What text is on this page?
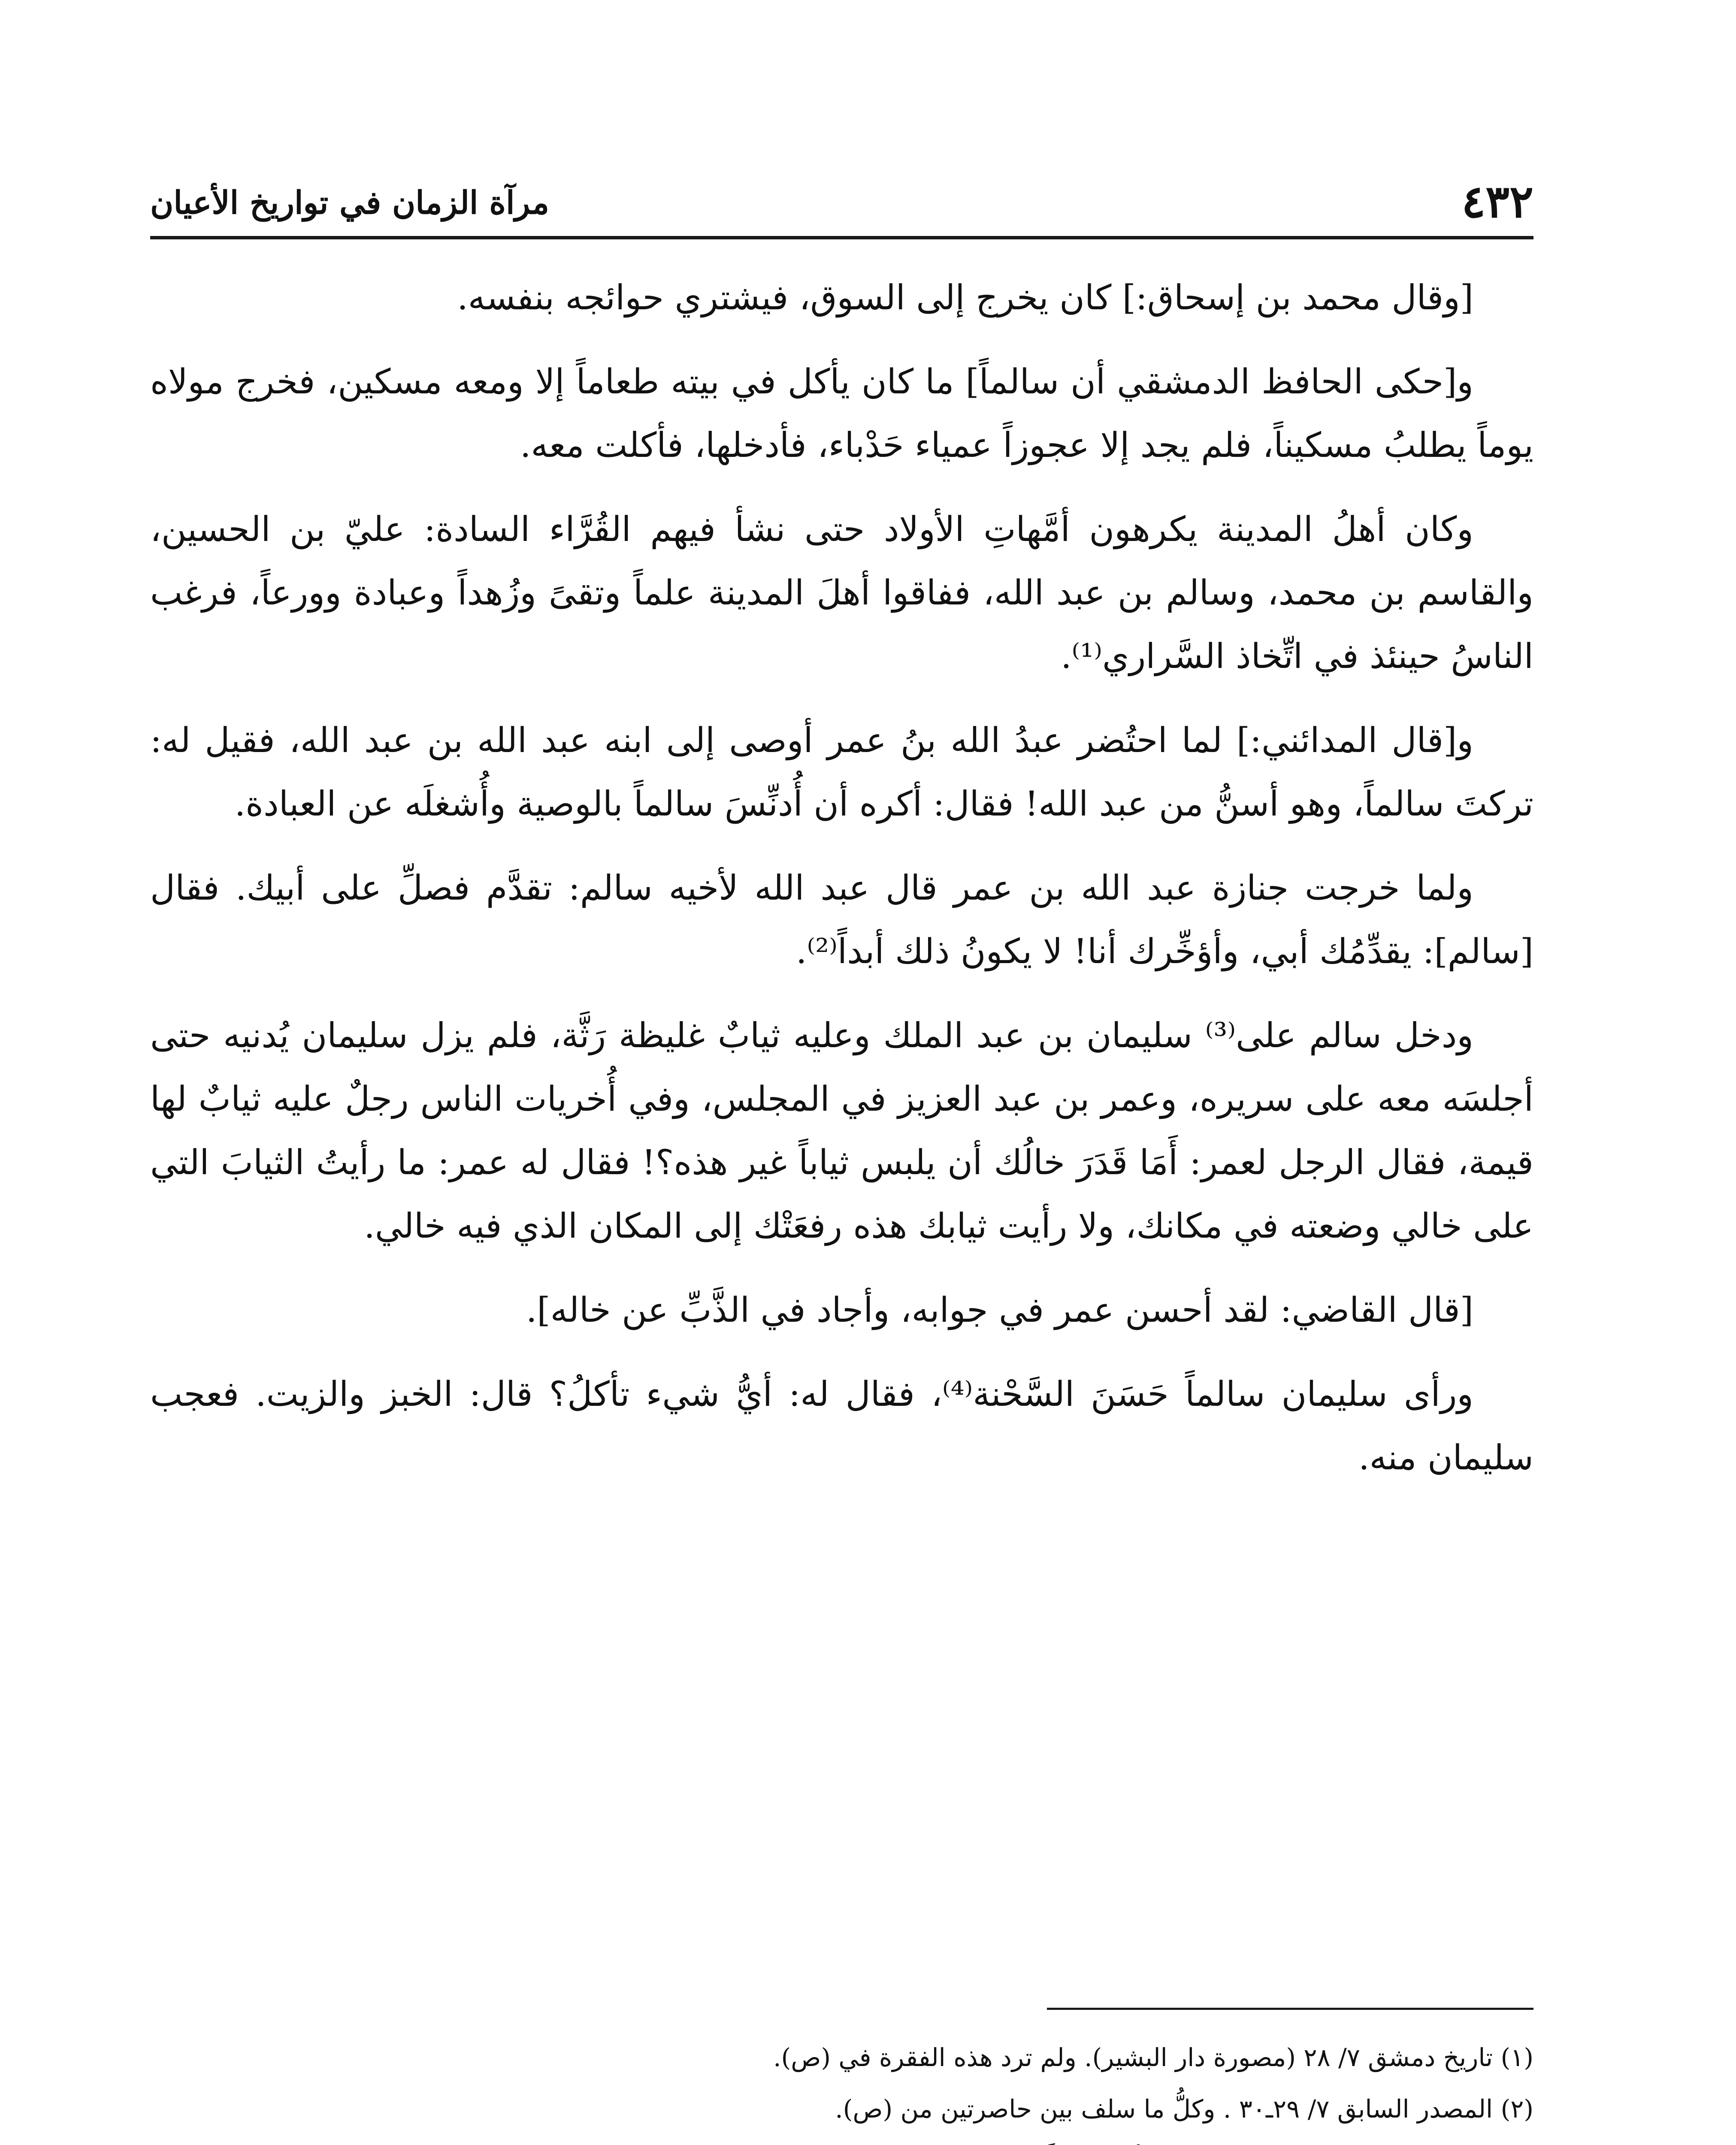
٤٣٢
مرآة الزمان في تواريخ الأعيان

[وقال محمد بن إسحاق:] كان يخرج إلى السوق، فيشتري حوائجه بنفسه.

و[حكى الحافظ الدمشقي أن سالماً] ما كان يأكل في بيته طعاماً إلا ومعه مسكين، فخرج مولاه يوماً يطلبُ مسكيناً، فلم يجد إلا عجوزاً عمياء حَدْباء، فأدخلها، فأكلت معه.

وكان أهلُ المدينة يكرهون أمَّهاتِ الأولاد حتى نشأ فيهم القُرَّاء السادة: عليّ بن الحسين، والقاسم بن محمد، وسالم بن عبد الله، ففاقوا أهلَ المدينة علماً وتقىً وزُهداً وعبادة وورعاً، فرغب الناسُ حينئذ في اتِّخاذ السَّراري⁽¹⁾.

و[قال المدائني:] لما احتُضر عبدُ الله بنُ عمر أوصى إلى ابنه عبد الله بن عبد الله، فقيل له: تركتَ سالماً، وهو أسنُّ من عبد الله! فقال: أكره أن أُدنِّسَ سالماً بالوصية وأُشغلَه عن العبادة.

ولما خرجت جنازة عبد الله بن عمر قال عبد الله لأخيه سالم: تقدَّم فصلِّ على أبيك. فقال [سالم]: يقدِّمُك أبي، وأؤخِّرك أنا! لا يكونُ ذلك أبداً⁽²⁾.

ودخل سالم على⁽³⁾ سليمان بن عبد الملك وعليه ثيابٌ غليظة رَثَّة، فلم يزل سليمان يُدنيه حتى أجلسَه معه على سريره، وعمر بن عبد العزيز في المجلس، وفي أُخريات الناس رجلٌ عليه ثيابٌ لها قيمة، فقال الرجل لعمر: أَمَا قَدَرَ خالُك أن يلبس ثياباً غير هذه؟! فقال له عمر: ما رأيتُ الثيابَ التي على خالي وضعته في مكانك، ولا رأيت ثيابك هذه رفعَتْك إلى المكان الذي فيه خالي.

[قال القاضي: لقد أحسن عمر في جوابه، وأجاد في الذَّبِّ عن خاله].

ورأى سليمان سالماً حَسَنَ السَّحْنة⁽⁴⁾، فقال له: أيُّ شيء تأكلُ؟ قال: الخبز والزيت. فعجب سليمان منه.

(١) تاريخ دمشق ٧/ ٢٨ (مصورة دار البشير). ولم ترد هذه الفقرة في (ص).

(٢) المصدر السابق ٧/ ٢٩ـ٣٠ . وكلُّ ما سلف بين حاصرتين من (ص).
